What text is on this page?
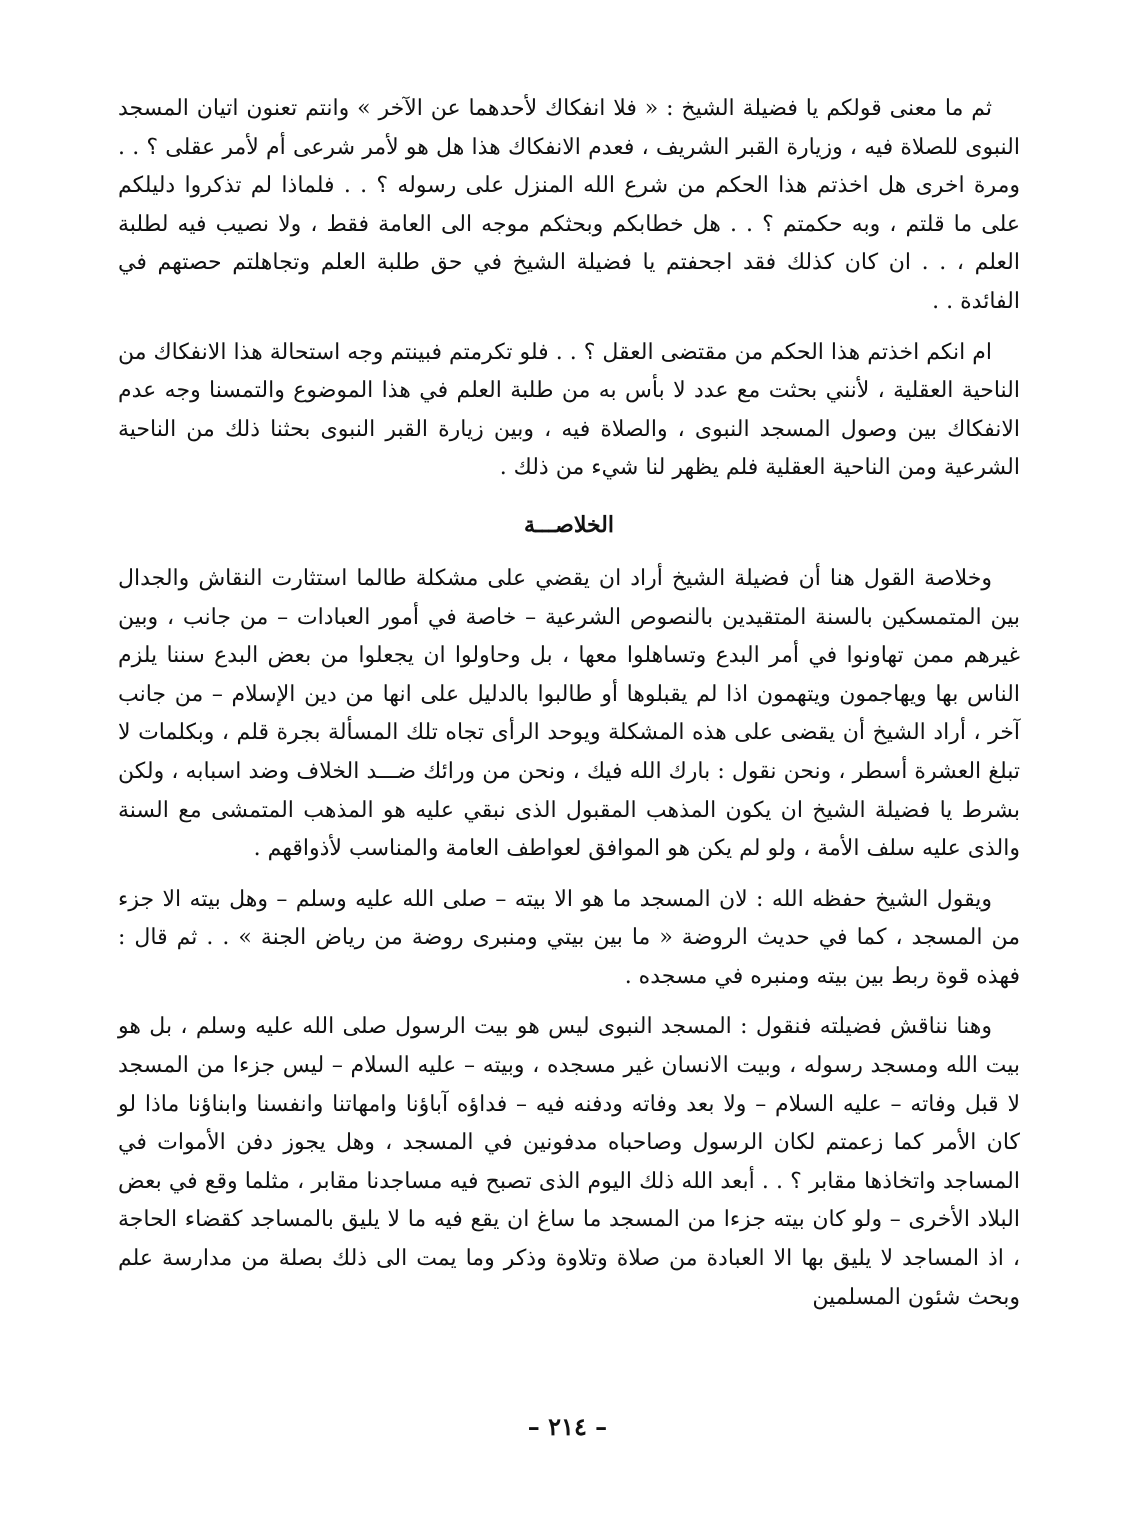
ثم ما معنى قولكم يا فضيلة الشيخ : « فلا انفكاك لأحدهما عن الآخر » وانتم تعنون اتيان المسجد النبوى للصلاة فيه ، وزيارة القبر الشريف ، فعدم الانفكاك هذا هل هو لأمر شرعى أم لأمر عقلى ؟ . . ومرة اخرى هل اخذتم هذا الحكم من شرع الله المنزل على رسوله ؟ . . فلماذا لم تذكروا دليلكم على ما قلتم ، وبه حكمتم ؟ . . هل خطابكم وبحثكم موجه الى العامة فقط ، ولا نصيب فيه لطلبة العلم ، . . ان كان كذلك فقد اجحفتم يا فضيلة الشيخ في حق طلبة العلم وتجاهلتم حصتهم في الفائدة . .

ام انكم اخذتم هذا الحكم من مقتضى العقل ؟ . . فلو تكرمتم فبينتم وجه استحالة هذا الانفكاك من الناحية العقلية ، لأنني بحثت مع عدد لا بأس به من طلبة العلم في هذا الموضوع والتمسنا وجه عدم الانفكاك بين وصول المسجد النبوى ، والصلاة فيه ، وبين زيارة القبر النبوى بحثنا ذلك من الناحية الشرعية ومن الناحية العقلية فلم يظهر لنا شيء من ذلك .

الخلاصـــة

وخلاصة القول هنا أن فضيلة الشيخ أراد ان يقضي على مشكلة طالما استثارت النقاش والجدال بين المتمسكين بالسنة المتقيدين بالنصوص الشرعية – خاصة في أمور العبادات – من جانب ، وبين غيرهم ممن تهاونوا في أمر البدع وتساهلوا معها ، بل وحاولوا ان يجعلوا من بعض البدع سننا يلزم الناس بها ويهاجمون ويتهمون اذا لم يقبلوها أو طالبوا بالدليل على انها من دين الإسلام – من جانب آخر ، أراد الشيخ أن يقضى على هذه المشكلة ويوحد الرأى تجاه تلك المسألة بجرة قلم ، وبكلمات لا تبلغ العشرة أسطر ، ونحن نقول : بارك الله فيك ، ونحن من ورائك ضـــد الخلاف وضد اسبابه ، ولكن بشرط يا فضيلة الشيخ ان يكون المذهب المقبول الذى نبقي عليه هو المذهب المتمشى مع السنة والذى عليه سلف الأمة ، ولو لم يكن هو الموافق لعواطف العامة والمناسب لأذواقهم .

ويقول الشيخ حفظه الله : لان المسجد ما هو الا بيته – صلى الله عليه وسلم – وهل بيته الا جزء من المسجد ، كما في حديث الروضة « ما بين بيتي ومنبرى روضة من رياض الجنة » . . ثم قال : فهذه قوة ربط بين بيته ومنبره في مسجده .

وهنا نناقش فضيلته فنقول : المسجد النبوى ليس هو بيت الرسول صلى الله عليه وسلم ، بل هو بيت الله ومسجد رسوله ، وبيت الانسان غير مسجده ، وبيته – عليه السلام – ليس جزءا من المسجد لا قبل وفاته – عليه السلام – ولا بعد وفاته ودفنه فيه – فداؤه آباؤنا وامهاتنا وانفسنا وابناؤنا ماذا لو كان الأمر كما زعمتم لكان الرسول وصاحباه مدفونين في المسجد ، وهل يجوز دفن الأموات في المساجد واتخاذها مقابر ؟ . . أبعد الله ذلك اليوم الذى تصبح فيه مساجدنا مقابر ، مثلما وقع في بعض البلاد الأخرى – ولو كان بيته جزءا من المسجد ما ساغ ان يقع فيه ما لا يليق بالمساجد كقضاء الحاجة ، اذ المساجد لا يليق بها الا العبادة من صلاة وتلاوة وذكر وما يمت الى ذلك بصلة من مدارسة علم وبحث شئون المسلمين

– ٢١٤ –
